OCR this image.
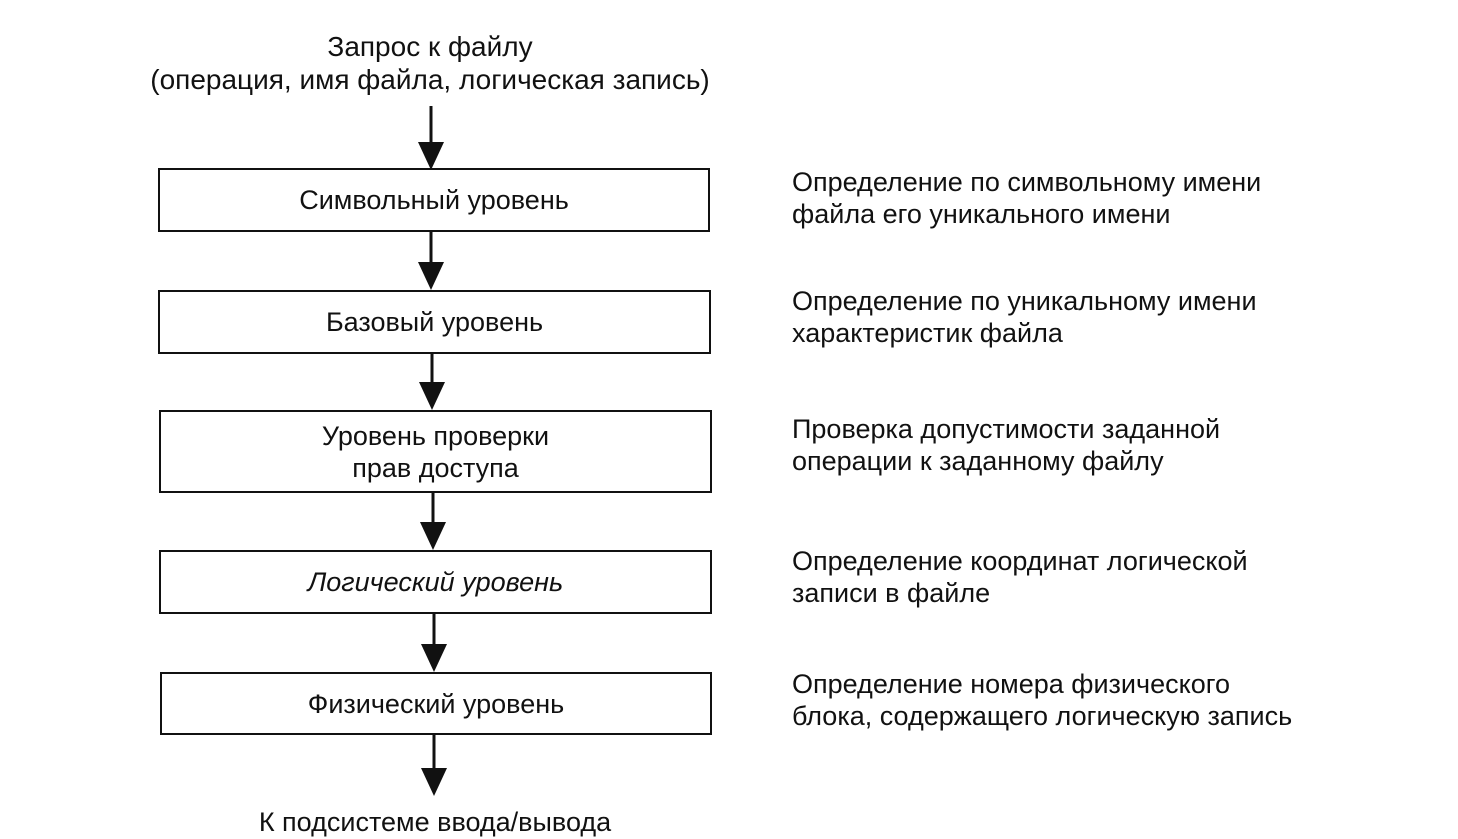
Запрос к файлу
(операция, имя файла, логическая запись)
Символьный уровень
Базовый уровень
Уровень проверки
прав доступа
Логический уровень
Физический уровень
Определение по символьному имени
файла его уникального имени
Определение по уникальному имени
характеристик файла
Проверка допустимости заданной
операции к заданному файлу
Определение координат логической
записи в файле
Определение номера физического
блока, содержащего логическую запись
К подсистеме ввода/вывода
